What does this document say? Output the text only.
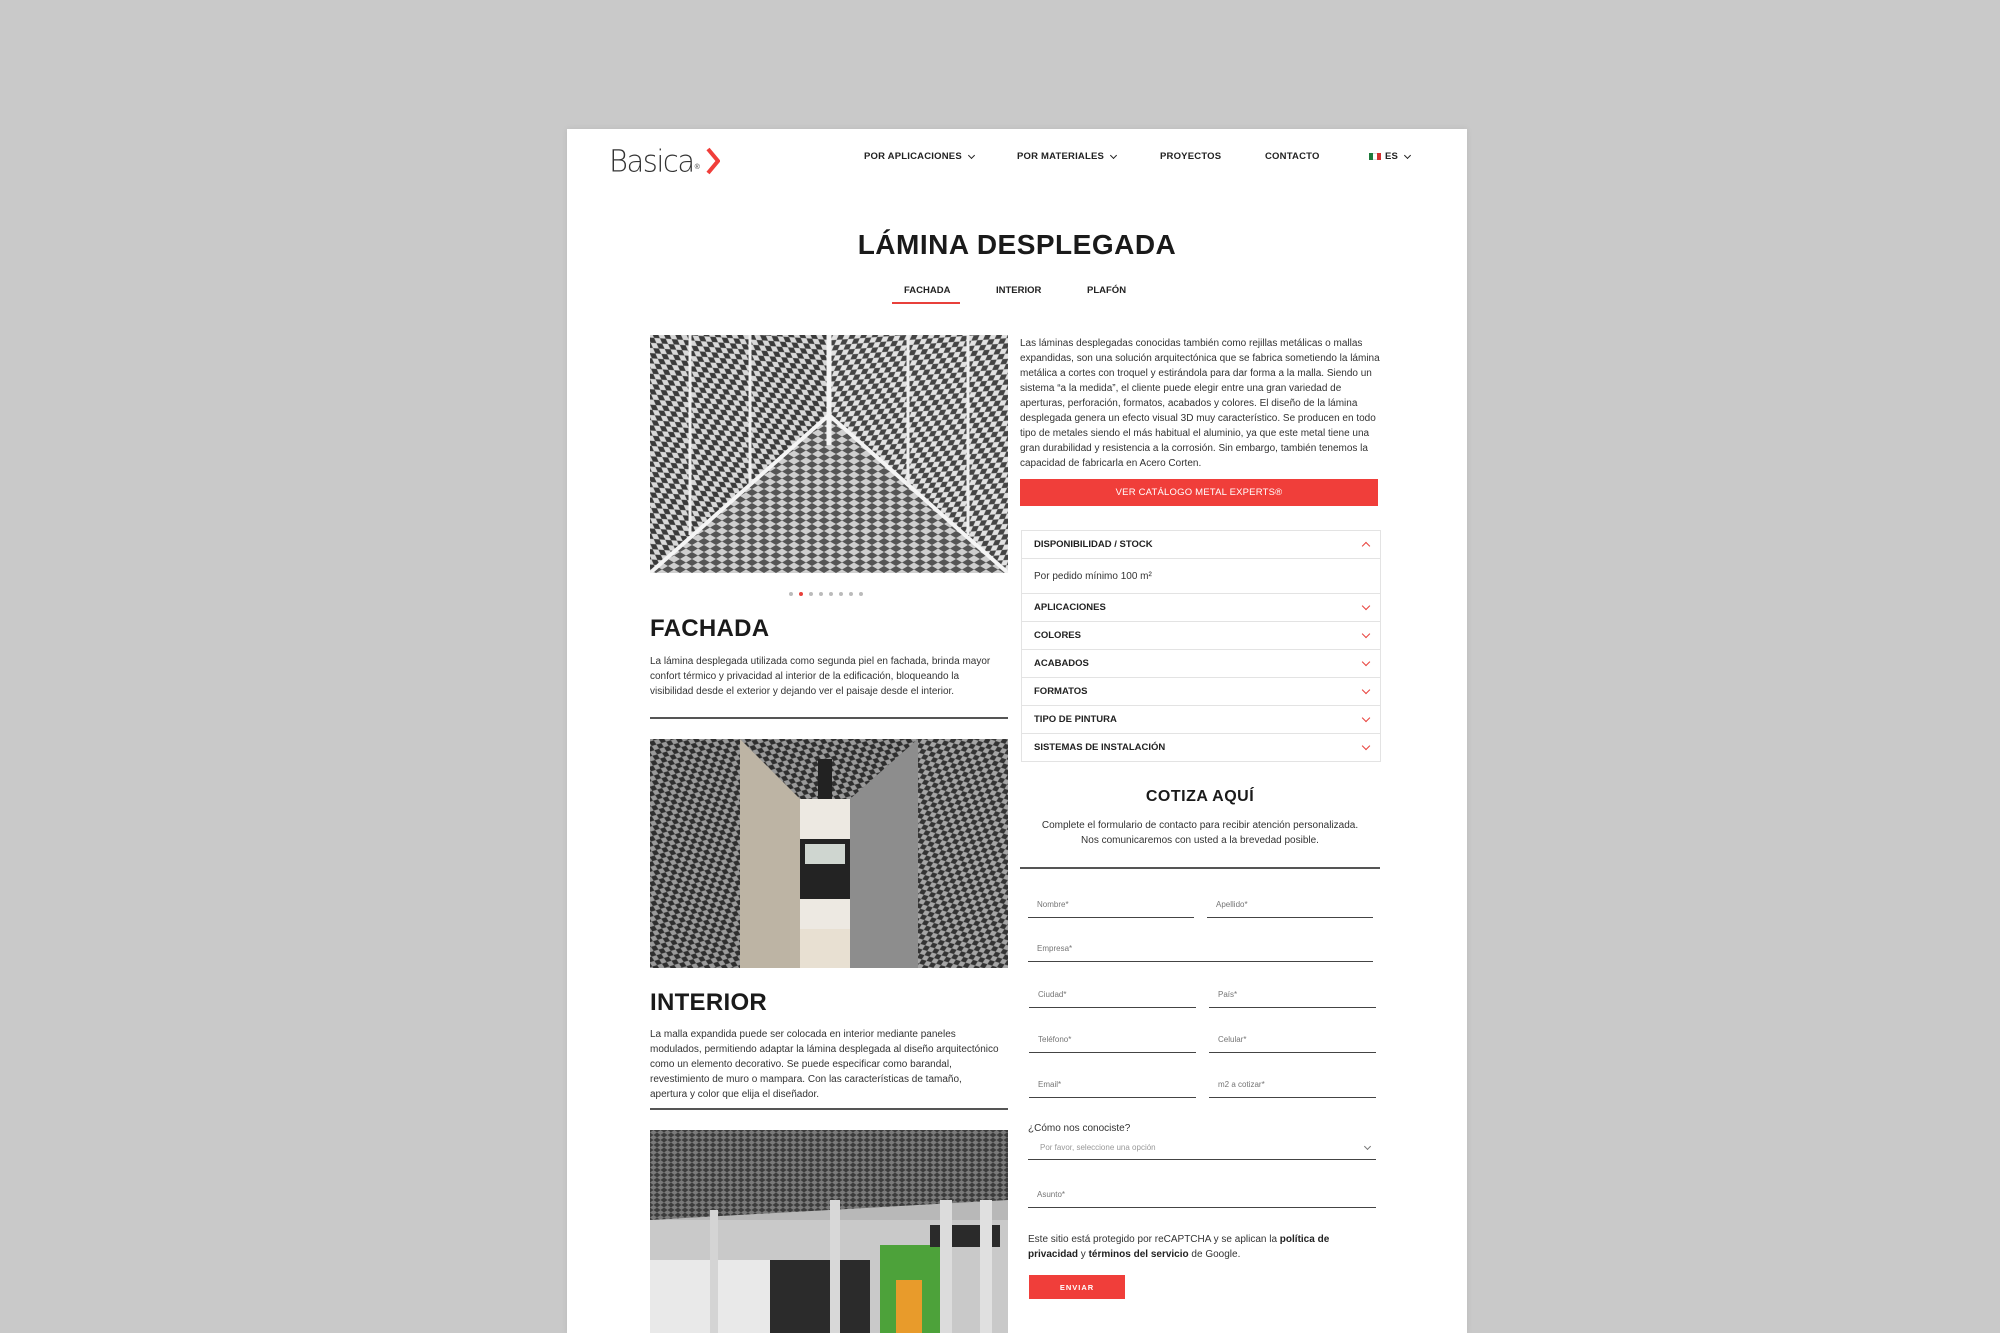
Basica ®
POR APLICACIONES	POR MATERIALES	PROYECTOS	CONTACTO	ES
LÁMINA DESPLEGADA
FACHADA	INTERIOR	PLAFÓN
FACHADA
La lámina desplegada utilizada como segunda piel en fachada, brinda mayor confort térmico y privacidad al interior de la edificación, bloqueando la visibilidad desde el exterior y dejando ver el paisaje desde el interior.
INTERIOR
La malla expandida puede ser colocada en interior mediante paneles modulados, permitiendo adaptar la lámina desplegada al diseño arquitectónico como un elemento decorativo. Se puede especificar como barandal, revestimiento de muro o mampara. Con las características de tamaño, apertura y color que elija el diseñador.
Las láminas desplegadas conocidas también como rejillas metálicas o mallas expandidas, son una solución arquitectónica que se fabrica sometiendo la lámina metálica a cortes con troquel y estirándola para dar forma a la malla. Siendo un sistema “a la medida”, el cliente puede elegir entre una gran variedad de aperturas, perforación, formatos, acabados y colores. El diseño de la lámina desplegada genera un efecto visual 3D muy característico. Se producen en todo tipo de metales siendo el más habitual el aluminio, ya que este metal tiene una gran durabilidad y resistencia a la corrosión. Sin embargo, también tenemos la capacidad de fabricarla en Acero Corten.
VER CATÁLOGO METAL EXPERTS®
DISPONIBILIDAD / STOCK
Por pedido mínimo 100 m²
APLICACIONES
COLORES
ACABADOS
FORMATOS
TIPO DE PINTURA
SISTEMAS DE INSTALACIÓN
COTIZA AQUÍ
Complete el formulario de contacto para recibir atención personalizada. Nos comunicaremos con usted a la brevedad posible.
Nombre*
Apellido*
Empresa*
Ciudad*
País*
Teléfono*
Celular*
Email*
m2 a cotizar*
¿Cómo nos conociste?
Por favor, seleccione una opción
Asunto*
Este sitio está protegido por reCAPTCHA y se aplican la política de privacidad y términos del servicio de Google.
ENVIAR
